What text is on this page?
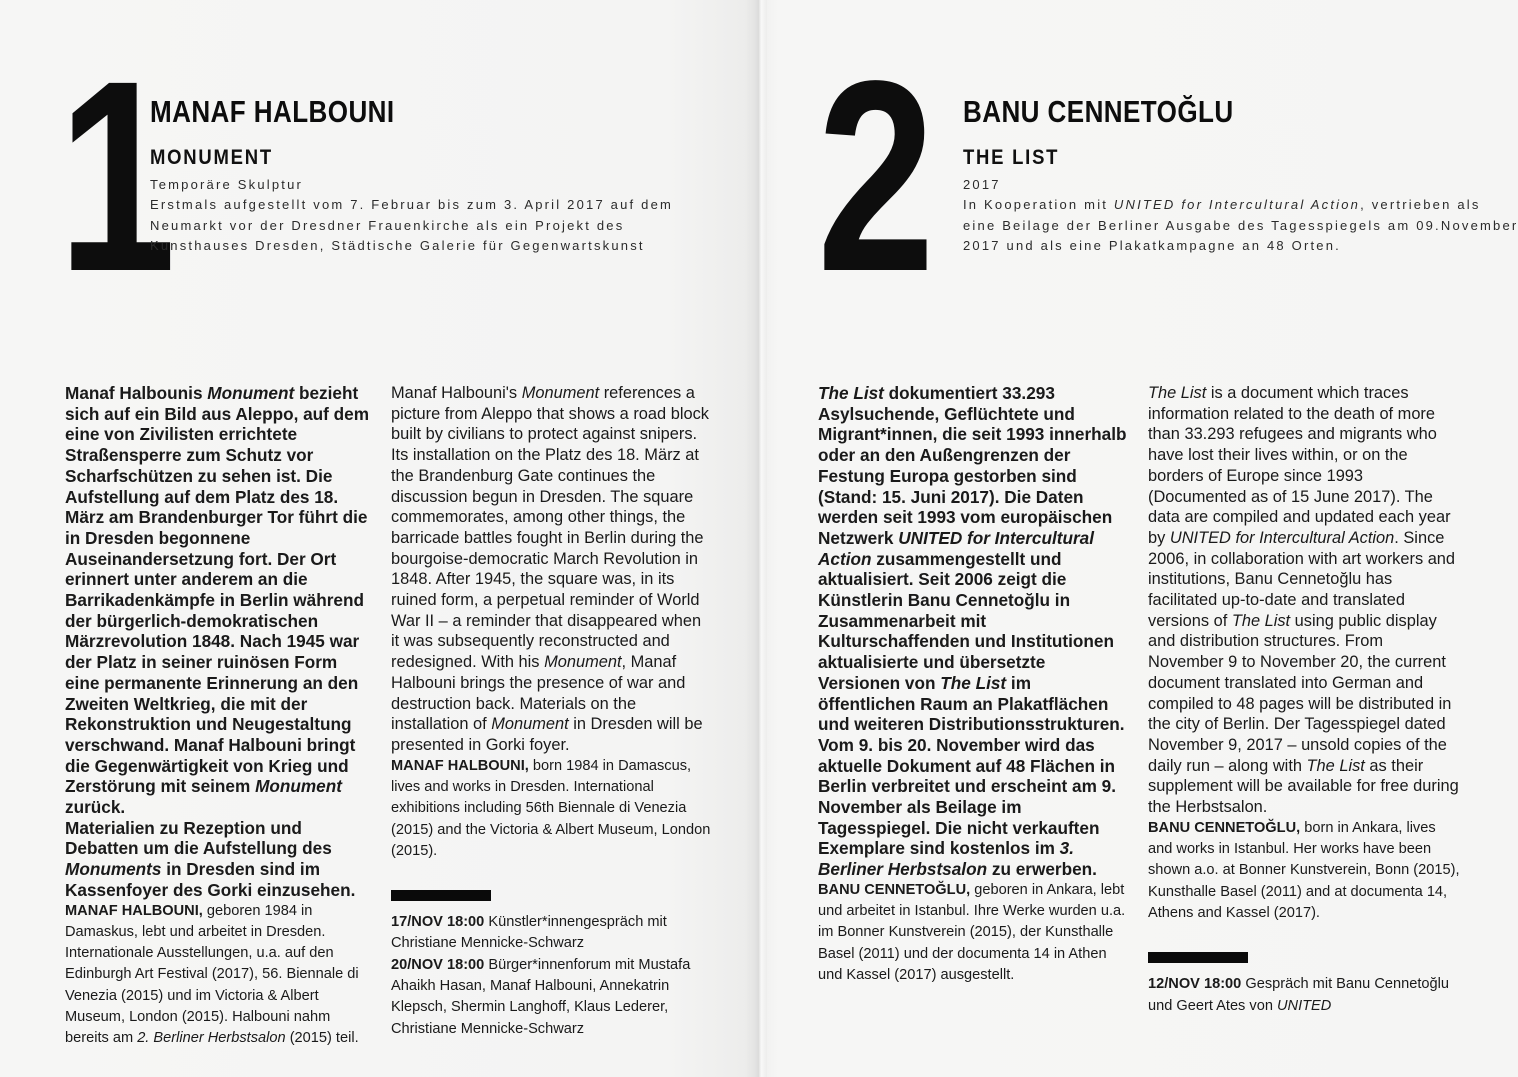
1
MANAF HALBOUNI
MONUMENT
Temporäre Skulptur
Erstmals aufgestellt vom 7. Februar bis zum 3. April 2017 auf dem Neumarkt vor der Dresdner Frauenkirche als ein Projekt des Kunsthauses Dresden, Städtische Galerie für Gegenwartskunst

Manaf Halbounis Monument bezieht sich auf ein Bild aus Aleppo, auf dem eine von Zivilisten errichtete Straßensperre zum Schutz vor Scharfschützen zu sehen ist. Die Aufstellung auf dem Platz des 18. März am Brandenburger Tor führt die in Dresden begonnene Auseinandersetzung fort. Der Ort erinnert unter anderem an die Barrikadenkämpfe in Berlin während der bürgerlich-demokratischen Märzrevolution 1848. Nach 1945 war der Platz in seiner ruinösen Form eine permanente Erinnerung an den Zweiten Weltkrieg, die mit der Rekonstruktion und Neugestaltung verschwand. Manaf Halbouni bringt die Gegenwärtigkeit von Krieg und Zerstörung mit seinem Monument zurück.

Materialien zu Rezeption und Debatten um die Aufstellung des Monuments in Dresden sind im Kassenfoyer des Gorki einzusehen.

MANAF HALBOUNI, geboren 1984 in Damaskus, lebt und arbeitet in Dresden. Internationale Ausstellungen, u.a. auf den Edinburgh Art Festival (2017), 56. Biennale di Venezia (2015) und im Victoria & Albert Museum, London (2015). Halbouni nahm bereits am 2. Berliner Herbstsalon (2015) teil.

Manaf Halbouni's Monument references a picture from Aleppo that shows a road block built by civilians to protect against snipers. Its installation on the Platz des 18. März at the Brandenburg Gate continues the discussion begun in Dresden. The square commemorates, among other things, the barricade battles fought in Berlin during the bourgoise-democratic March Revolution in 1848. After 1945, the square was, in its ruined form, a perpetual reminder of World War II – a reminder that disappeared when it was subsequently reconstructed and redesigned. With his Monument, Manaf Halbouni brings the presence of war and destruction back. Materials on the installation of Monument in Dresden will be presented in Gorki foyer.

MANAF HALBOUNI, born 1984 in Damascus, lives and works in Dresden. International exhibitions including 56th Biennale di Venezia (2015) and the Victoria & Albert Museum, London (2015).

17/NOV 18:00 Künstler*innengespräch mit Christiane Mennicke-Schwarz

20/NOV 18:00 Bürger*innenforum mit Mustafa Ahaikh Hasan, Manaf Halbouni, Annekatrin Klepsch, Shermin Langhoff, Klaus Lederer, Christiane Mennicke-Schwarz

2 BANU CENNETOĞLU
THE LIST
2017
In Kooperation mit UNITED for Intercultural Action, vertrieben als eine Beilage der Berliner Ausgabe des Tagesspiegels am 09.November 2017 und als eine Plakatkampagne an 48 Orten.

The List dokumentiert 33.293 Asylsuchende, Geflüchtete und Migrant*innen, die seit 1993 innerhalb oder an den Außengrenzen der Festung Europa gestorben sind (Stand: 15. Juni 2017). Die Daten werden seit 1993 vom europäischen Netzwerk UNITED for Intercultural Action zusammengestellt und aktualisiert. Seit 2006 zeigt die Künstlerin Banu Cennetoğlu in Zusammenarbeit mit Kulturschaffenden und Institutionen aktualisierte und übersetzte Versionen von The List im öffentlichen Raum an Plakatflächen und weiteren Distributionsstrukturen. Vom 9. bis 20. November wird das aktuelle Dokument auf 48 Flächen in Berlin verbreitet und erscheint am 9. November als Beilage im Tagesspiegel. Die nicht verkauften Exemplare sind kostenlos im 3. Berliner Herbstsalon zu erwerben.

BANU CENNETOĞLU, geboren in Ankara, lebt und arbeitet in Istanbul. Ihre Werke wurden u.a. im Bonner Kunstverein (2015), der Kunsthalle Basel (2011) und der documenta 14 in Athen und Kassel (2017) ausgestellt.

The List is a document which traces information related to the death of more than 33.293 refugees and migrants who have lost their lives within, or on the borders of Europe since 1993 (Documented as of 15 June 2017). The data are compiled and updated each year by UNITED for Intercultural Action. Since 2006, in collaboration with art workers and institutions, Banu Cennetoğlu has facilitated up-to-date and translated versions of The List using public display and distribution structures. From November 9 to November 20, the current document translated into German and compiled to 48 pages will be distributed in the city of Berlin. Der Tagesspiegel dated November 9, 2017 – unsold copies of the daily run – along with The List as their supplement will be available for free during the Herbstsalon.

BANU CENNETOĞLU, born in Ankara, lives and works in Istanbul. Her works have been shown a.o. at Bonner Kunstverein, Bonn (2015), Kunsthalle Basel (2011) and at documenta 14, Athens and Kassel (2017).

12/NOV 18:00 Gespräch mit Banu Cennetoğlu und Geert Ates von UNITED
